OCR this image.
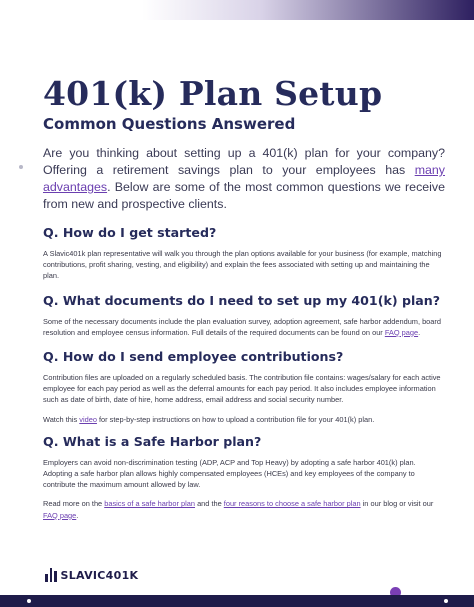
401(k) Plan Setup
Common Questions Answered

Are you thinking about setting up a 401(k) plan for your company? Offering a retirement savings plan to your employees has many advantages. Below are some of the most common questions we receive from new and prospective clients.

Q. How do I get started?

A Slavic401k plan representative will walk you through the plan options available for your business (for example, matching contributions, profit sharing, vesting, and eligibility) and explain the fees associated with setting up and maintaining the plan.

Q. What documents do I need to set up my 401(k) plan?

Some of the necessary documents include the plan evaluation survey, adoption agreement, safe harbor addendum, board resolution and employee census information. Full details of the required documents can be found on our FAQ page.

Q. How do I send employee contributions?

Contribution files are uploaded on a regularly scheduled basis. The contribution file contains: wages/salary for each active employee for each pay period as well as the deferral amounts for each pay period. It also includes employee information such as date of birth, date of hire, home address, email address and social security number.

Watch this video for step-by-step instructions on how to upload a contribution file for your 401(k) plan.

Q. What is a Safe Harbor plan?

Employers can avoid non-discrimination testing (ADP, ACP and Top Heavy) by adopting a safe harbor 401(k) plan. Adopting a safe harbor plan allows highly compensated employees (HCEs) and key employees of the company to contribute the maximum amount allowed by law.

Read more on the basics of a safe harbor plan and the four reasons to choose a safe harbor plan in our blog or visit our FAQ page.

SLAVIC401K
